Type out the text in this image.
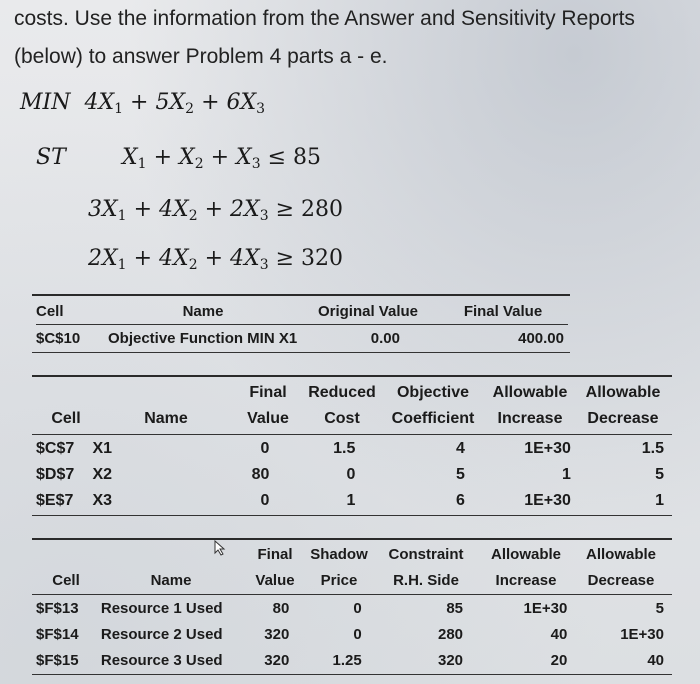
costs. Use the information from the Answer and Sensitivity Reports
(below) to answer Problem 4 parts a - e.
MIN $4X_1 + 5X_2 + 6X_3$
ST	$X_1 + X_2 + X_3 \le 85$
$3X_1 + 4X_2 + 2X_3 \ge 280$
$2X_1 + 4X_2 + 4X_3 \ge 320$
Cell	Name	Original Value	Final Value
$C$10	Objective Function MIN X1	0.00	400.00
		Final	Reduced	Objective	Allowable	Allowable
Cell	Name	Value	Cost	Coefficient	Increase	Decrease
$C$7	X1	0	1.5	4	1E+30	1.5
$D$7	X2	80	0	5	1	5
$E$7	X3	0	1	6	1E+30	1
		Final	Shadow	Constraint	Allowable	Allowable
Cell	Name	Value	Price	R.H. Side	Increase	Decrease
$F$13	Resource 1 Used	80	0	85	1E+30	5
$F$14	Resource 2 Used	320	0	280	40	1E+30
$F$15	Resource 3 Used	320	1.25	320	20	40
